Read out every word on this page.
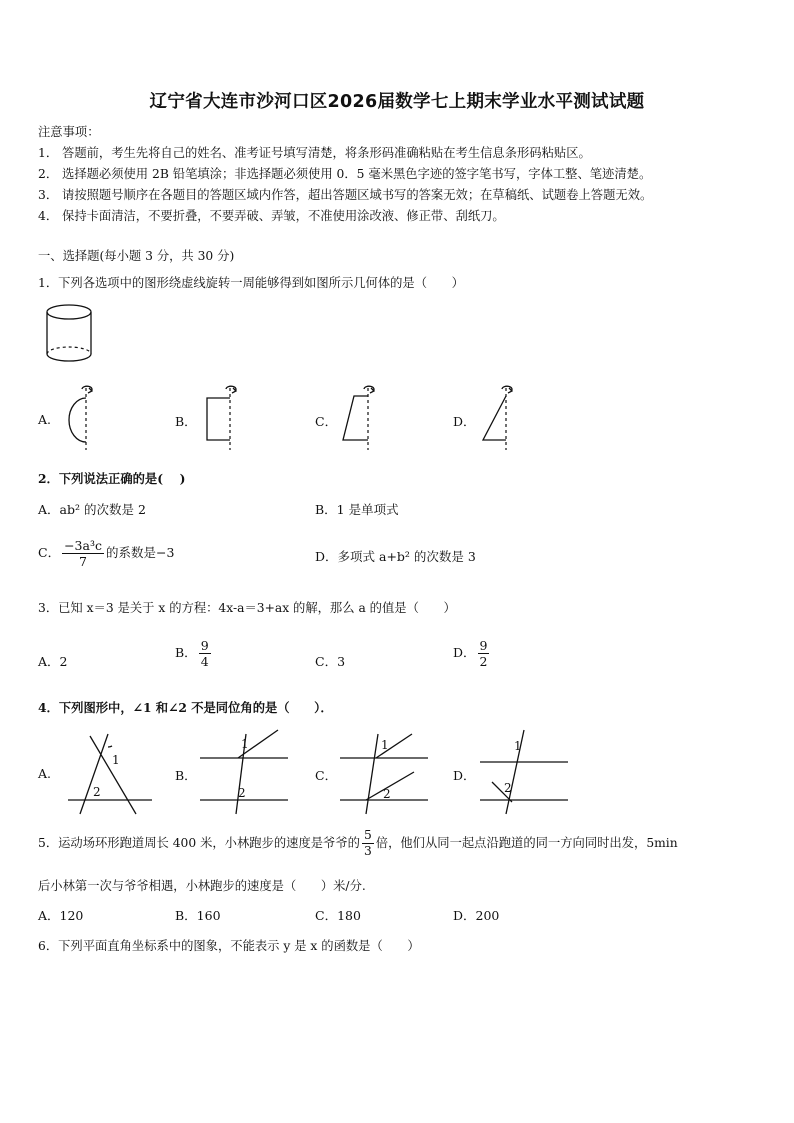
辽宁省大连市沙河口区2026届数学七上期末学业水平测试试题
注意事项：
1． 答题前，考生先将自己的姓名、准考证号填写清楚，将条形码准确粘贴在考生信息条形码粘贴区。
2． 选择题必须使用 2B 铅笔填涂；非选择题必须使用 0．5 毫米黑色字迹的签字笔书写，字体工整、笔迹清楚。
3． 请按照题号顺序在各题目的答题区域内作答，超出答题区域书写的答案无效；在草稿纸、试题卷上答题无效。
4． 保持卡面清洁，不要折叠，不要弄破、弄皱，不准使用涂改液、修正带、刮纸刀。
一、选择题(每小题 3 分，共 30 分)
1．下列各选项中的图形绕虚线旋转一周能够得到如图所示几何体的是（　　）
A.	B．	C．	D．
2．下列说法正确的是(　 )
A．ab² 的次数是 2	B．1 是单项式
C． $\frac{\text{−3a³c}}{7}$ 的系数是−3	D．多项式 a+b² 的次数是 3
3．已知 x＝3 是关于 x 的方程：4x-a＝3+ax 的解，那么 a 的值是（　　）
A．2
B． $\frac{9}{4}$	C．3
D． $\frac{9}{2}$
4．下列图形中，∠1 和∠2 不是同位角的是（　　）．
A.
1
2
B．
1
2
C．
1
2
D．
1
2
5．运动场环形跑道周长 400 米，小林跑步的速度是爷爷的 $\frac{5}{3}$ 倍，他们从同一起点沿跑道的同一方向同时出发，5min
后小林第一次与爷爷相遇，小林跑步的速度是（　　）米/分.
A．120	B．160	C．180	D．200
6．下列平面直角坐标系中的图象，不能表示 y 是 x 的函数是（　　）
